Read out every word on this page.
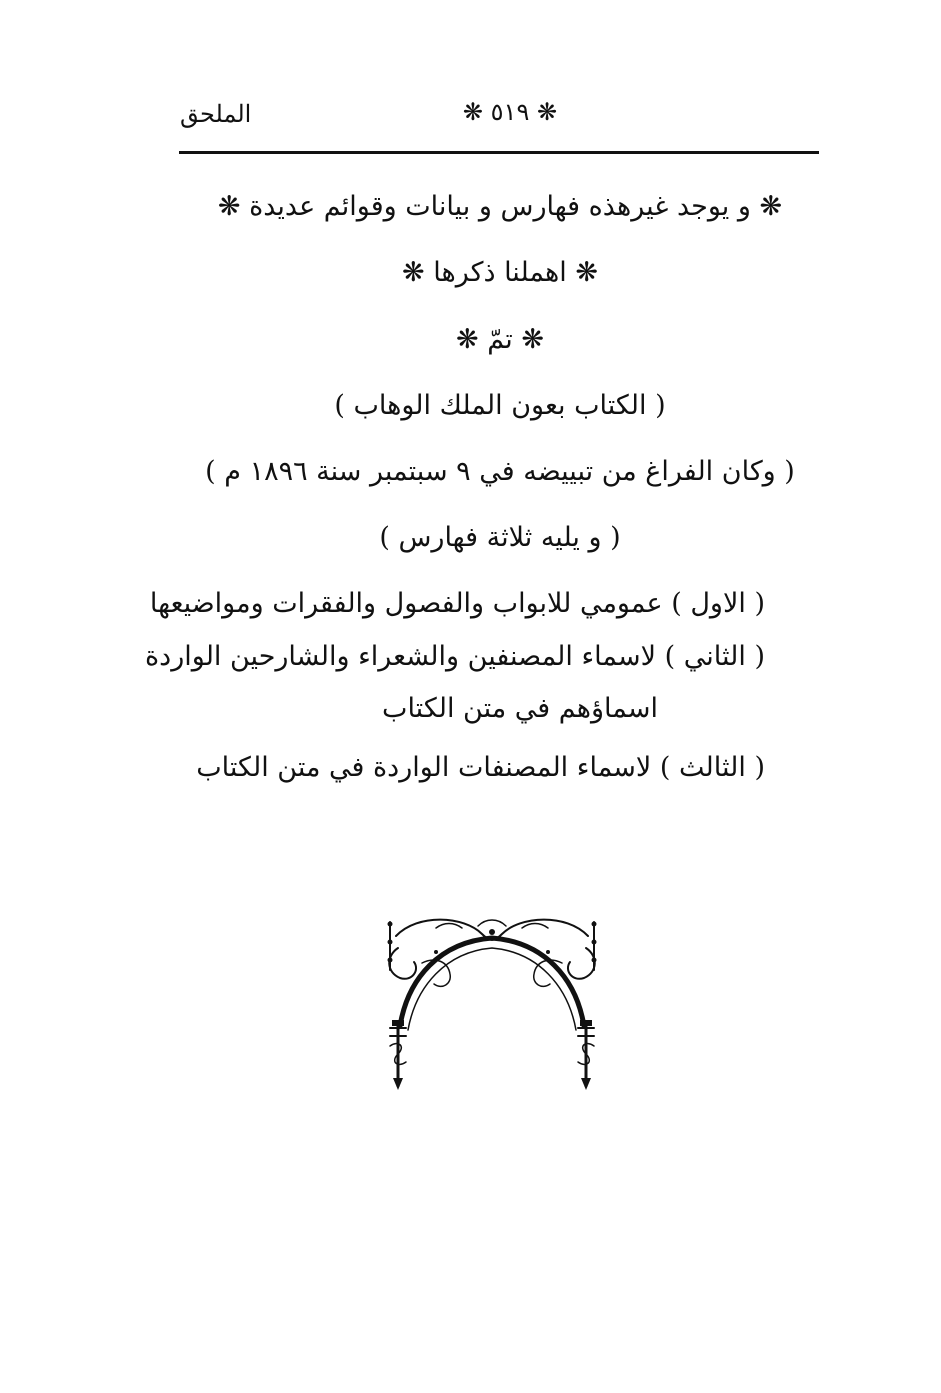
❋ ٥١٩ ❋
الملحق
❋ و يوجد غيرهذه فهارس و بيانات وقوائم عديدة ❋
❋ اهملنا ذكرها ❋
❋ تمّ ❋
( الكتاب بعون الملك الوهاب )
( وكان الفراغ من تبييضه في ٩ سبتمبر سنة ١٨٩٦ م )
( و يليه ثلاثة فهارس )
( الاول ) عمومي للابواب والفصول والفقرات ومواضيعها
( الثاني ) لاسماء المصنفين والشعراء والشارحين الواردة
اسماؤهم في متن الكتاب
( الثالث ) لاسماء المصنفات الواردة في متن الكتاب
